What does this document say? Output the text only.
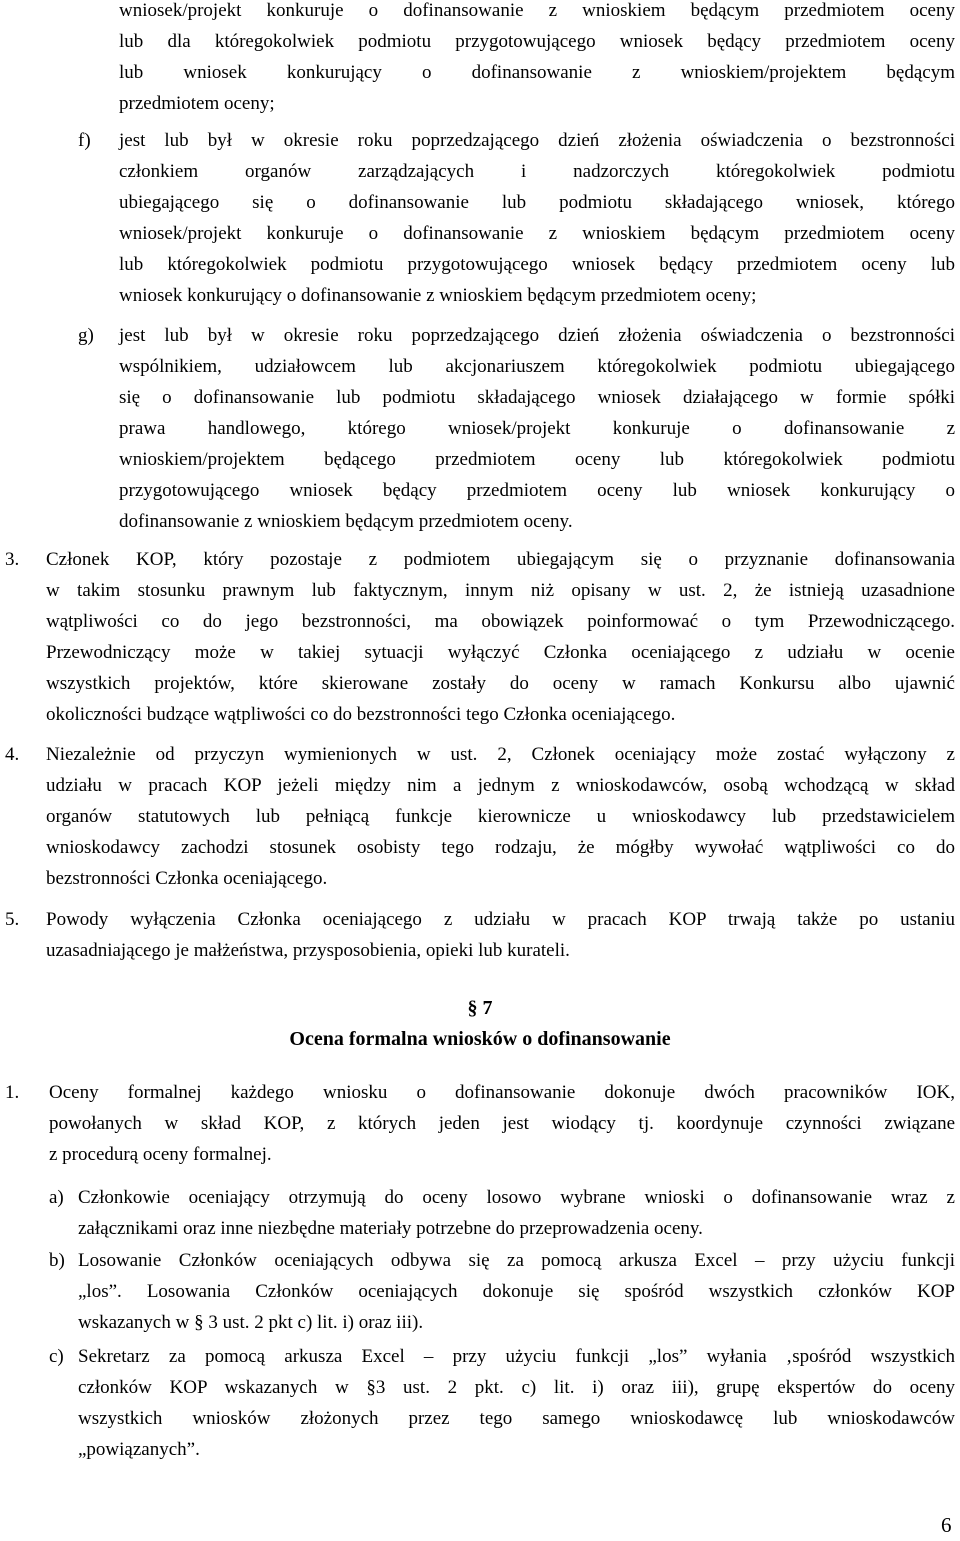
wniosek/projekt konkuruje o dofinansowanie z wnioskiem będącym przedmiotem oceny
lub dla któregokolwiek podmiotu przygotowującego wniosek będący przedmiotem oceny
lub wniosek konkurujący o dofinansowanie z wnioskiem/projektem będącym
przedmiotem oceny;
f) jest lub był w okresie roku poprzedzającego dzień złożenia oświadczenia o bezstronności
członkiem organów zarządzających i nadzorczych któregokolwiek podmiotu
ubiegającego się o dofinansowanie lub podmiotu składającego wniosek, którego
wniosek/projekt konkuruje o dofinansowanie z wnioskiem będącym przedmiotem oceny
lub któregokolwiek podmiotu przygotowującego wniosek będący przedmiotem oceny lub
wniosek konkurujący o dofinansowanie z wnioskiem będącym przedmiotem oceny;
g) jest lub był w okresie roku poprzedzającego dzień złożenia oświadczenia o bezstronności
wspólnikiem, udziałowcem lub akcjonariuszem któregokolwiek podmiotu ubiegającego
się o dofinansowanie lub podmiotu składającego wniosek działającego w formie spółki
prawa handlowego, którego wniosek/projekt konkuruje o dofinansowanie z
wnioskiem/projektem będącego przedmiotem oceny lub któregokolwiek podmiotu
przygotowującego wniosek będący przedmiotem oceny lub wniosek konkurujący o
dofinansowanie z wnioskiem będącym przedmiotem oceny.
3. Członek KOP, który pozostaje z podmiotem ubiegającym się o przyznanie dofinansowania
w takim stosunku prawnym lub faktycznym, innym niż opisany w ust. 2, że istnieją uzasadnione
wątpliwości co do jego bezstronności, ma obowiązek poinformować o tym Przewodniczącego.
Przewodniczący może w takiej sytuacji wyłączyć Członka oceniającego z udziału w ocenie
wszystkich projektów, które skierowane zostały do oceny w ramach Konkursu albo ujawnić
okoliczności budzące wątpliwości co do bezstronności tego Członka oceniającego.
4. Niezależnie od przyczyn wymienionych w ust. 2, Członek oceniający może zostać wyłączony z
udziału w pracach KOP jeżeli między nim a jednym z wnioskodawców, osobą wchodzącą w skład
organów statutowych lub pełniącą funkcje kierownicze u wnioskodawcy lub przedstawicielem
wnioskodawcy zachodzi stosunek osobisty tego rodzaju, że mógłby wywołać wątpliwości co do
bezstronności Członka oceniającego.
5. Powody wyłączenia Członka oceniającego z udziału w pracach KOP trwają także po ustaniu
uzasadniającego je małżeństwa, przysposobienia, opieki lub kurateli.
§ 7
Ocena formalna wniosków o dofinansowanie
1. Oceny formalnej każdego wniosku o dofinansowanie dokonuje dwóch pracowników IOK,
powołanych w skład KOP, z których jeden jest wiodący tj. koordynuje czynności związane
z procedurą oceny formalnej.
a) Członkowie oceniający otrzymują do oceny losowo wybrane wnioski o dofinansowanie wraz z
załącznikami oraz inne niezbędne materiały potrzebne do przeprowadzenia oceny.
b) Losowanie Członków oceniających odbywa się za pomocą arkusza Excel – przy użyciu funkcji
„los”. Losowania Członków oceniających dokonuje się spośród wszystkich członków KOP
wskazanych w § 3 ust. 2 pkt c) lit. i) oraz iii).
c) Sekretarz za pomocą arkusza Excel – przy użyciu funkcji „los” wyłania ‚spośród wszystkich
członków KOP wskazanych w §3 ust. 2 pkt. c) lit. i) oraz iii), grupę ekspertów do oceny
wszystkich wniosków złożonych przez tego samego wnioskodawcę lub wnioskodawców
„powiązanych”.
6
